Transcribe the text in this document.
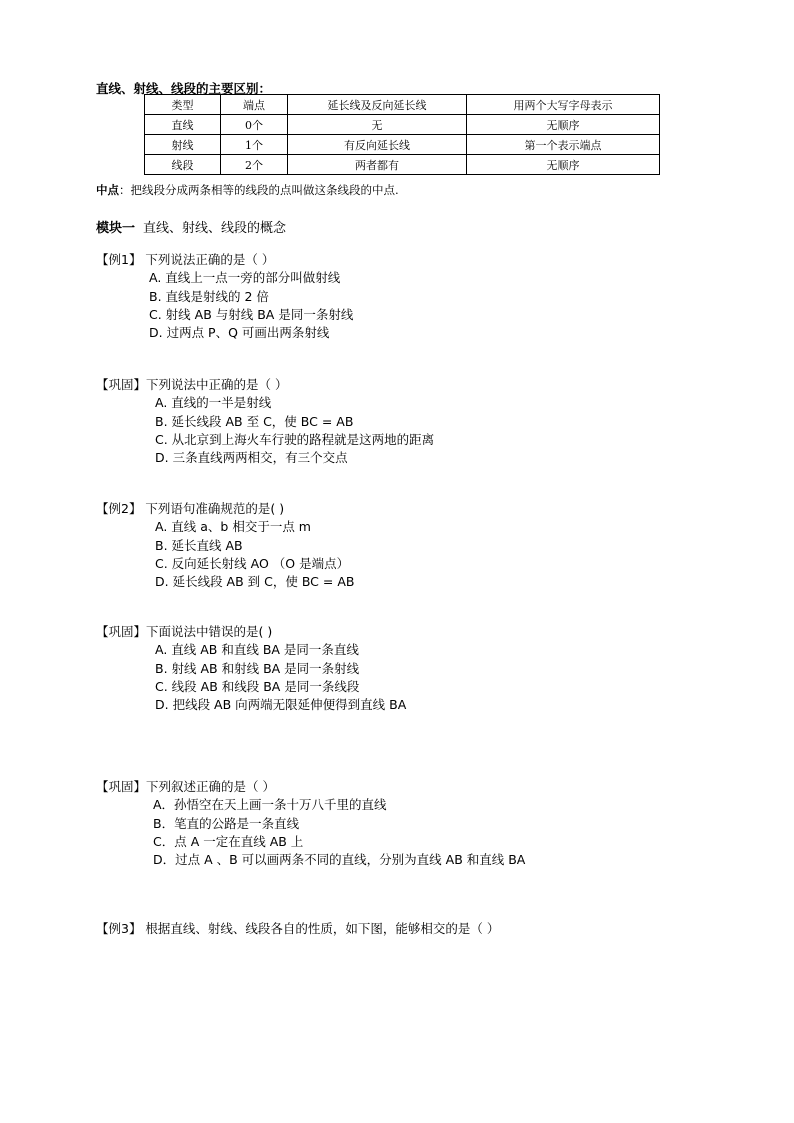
直线、射线、线段的主要区别：
类型	端点	延长线及反向延长线	用两个大写字母表示
直线	0个	无	无顺序
射线	1个	有反向延长线	第一个表示端点
线段	2个	两者都有	无顺序
中点：把线段分成两条相等的线段的点叫做这条线段的中点.
模块一 直线、射线、线段的概念
【例1】 下列说法正确的是（ ）
A. 直线上一点一旁的部分叫做射线
B. 直线是射线的 2 倍
C. 射线 AB 与射线 BA 是同一条射线
D. 过两点 P、Q 可画出两条射线
【巩固】下列说法中正确的是（ ）
A. 直线的一半是射线
B. 延长线段 AB 至 C，使 BC = AB
C. 从北京到上海火车行驶的路程就是这两地的距离
D. 三条直线两两相交，有三个交点
【例2】 下列语句准确规范的是( )
A. 直线 a、b 相交于一点 m
B. 延长直线 AB
C. 反向延长射线 AO （O 是端点）
D. 延长线段 AB 到 C，使 BC = AB
【巩固】下面说法中错误的是( )
A. 直线 AB 和直线 BA 是同一条直线
B. 射线 AB 和射线 BA 是同一条射线
C. 线段 AB 和线段 BA 是同一条线段
D. 把线段 AB 向两端无限延伸便得到直线 BA
【巩固】下列叙述正确的是（ ）
A．孙悟空在天上画一条十万八千里的直线
B．笔直的公路是一条直线
C．点 A 一定在直线 AB 上
D．过点 A 、B 可以画两条不同的直线，分别为直线 AB 和直线 BA
【例3】 根据直线、射线、线段各自的性质，如下图，能够相交的是（ ）
